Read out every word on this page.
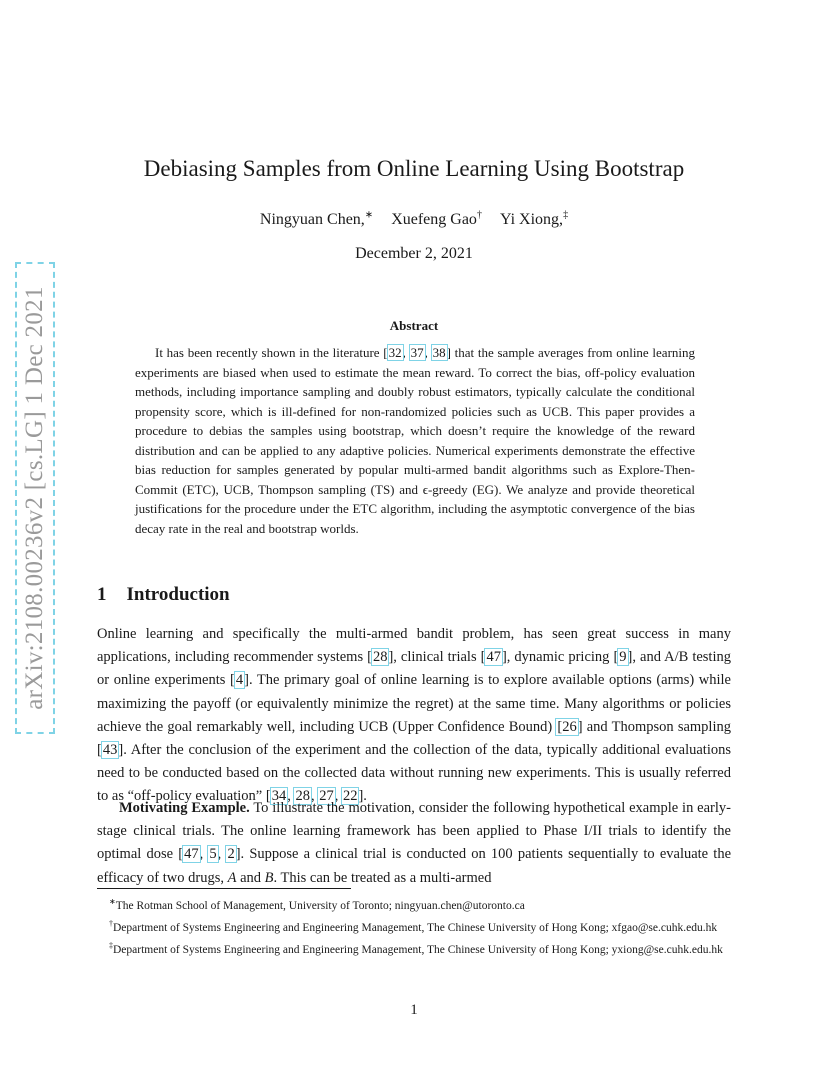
arXiv:2108.00236v2 [cs.LG] 1 Dec 2021
Debiasing Samples from Online Learning Using Bootstrap
Ningyuan Chen,∗ Xuefeng Gao† Yi Xiong,‡
December 2, 2021
Abstract
It has been recently shown in the literature [32, 37, 38] that the sample averages from online learning experiments are biased when used to estimate the mean reward. To correct the bias, off-policy evaluation methods, including importance sampling and doubly robust estimators, typically calculate the conditional propensity score, which is ill-defined for non-randomized policies such as UCB. This paper provides a procedure to debias the samples using bootstrap, which doesn’t require the knowledge of the reward distribution and can be applied to any adaptive policies. Numerical experiments demonstrate the effective bias reduction for samples generated by popular multi-armed bandit algorithms such as Explore-Then-Commit (ETC), UCB, Thompson sampling (TS) and ϵ-greedy (EG). We analyze and provide theoretical justifications for the procedure under the ETC algorithm, including the asymptotic convergence of the bias decay rate in the real and bootstrap worlds.
1 Introduction
Online learning and specifically the multi-armed bandit problem, has seen great success in many applications, including recommender systems [28], clinical trials [47], dynamic pricing [9], and A/B testing or online experiments [4]. The primary goal of online learning is to explore available options (arms) while maximizing the payoff (or equivalently minimize the regret) at the same time. Many algorithms or policies achieve the goal remarkably well, including UCB (Upper Confidence Bound) [26] and Thompson sampling [43]. After the conclusion of the experiment and the collection of the data, typically additional evaluations need to be conducted based on the collected data without running new experiments. This is usually referred to as “off-policy evaluation” [34, 28, 27, 22].
Motivating Example. To illustrate the motivation, consider the following hypothetical example in early-stage clinical trials. The online learning framework has been applied to Phase I/II trials to identify the optimal dose [47, 5, 2]. Suppose a clinical trial is conducted on 100 patients sequentially to evaluate the efficacy of two drugs, A and B. This can be treated as a multi-armed
∗The Rotman School of Management, University of Toronto; ningyuan.chen@utoronto.ca
†Department of Systems Engineering and Engineering Management, The Chinese University of Hong Kong; xfgao@se.cuhk.edu.hk
‡Department of Systems Engineering and Engineering Management, The Chinese University of Hong Kong; yxiong@se.cuhk.edu.hk
1
